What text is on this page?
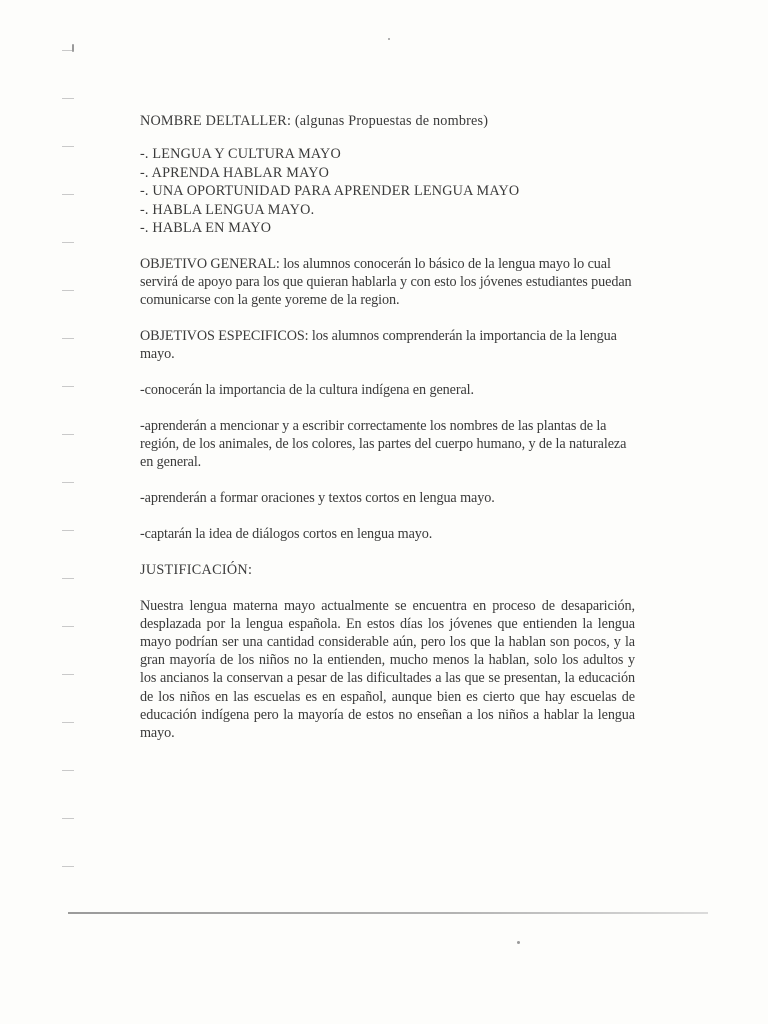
NOMBRE DELTALLER: (algunas Propuestas de nombres)

-. LENGUA Y CULTURA MAYO
-. APRENDA HABLAR MAYO
-. UNA OPORTUNIDAD PARA APRENDER LENGUA MAYO
-. HABLA LENGUA MAYO.
-. HABLA EN MAYO

OBJETIVO GENERAL: los alumnos conocerán lo básico de la lengua mayo lo cual servirá de apoyo para los que quieran hablarla y con esto los jóvenes estudiantes puedan comunicarse con la gente yoreme de la region.

OBJETIVOS ESPECIFICOS: los alumnos comprenderán la importancia de la lengua mayo.

-conocerán la importancia de la cultura indígena en general.

-aprenderán a mencionar y a escribir correctamente los nombres de las plantas de la región, de los animales, de los colores, las partes del cuerpo humano, y de la naturaleza en general.

-aprenderán a formar oraciones y textos cortos en lengua mayo.

-captarán la idea de diálogos cortos en lengua mayo.

JUSTIFICACIÓN:

Nuestra lengua materna mayo actualmente se encuentra en proceso de desaparición, desplazada por la lengua española. En estos días los jóvenes que entienden la lengua mayo podrían ser una cantidad considerable aún, pero los que la hablan son pocos, y la gran mayoría de los niños no la entienden, mucho menos la hablan, solo los adultos y los ancianos la conservan a pesar de las dificultades a las que se presentan, la educación de los niños en las escuelas es en español, aunque bien es cierto que hay escuelas de educación indígena pero la mayoría de estos no enseñan a los niños a hablar la lengua mayo.
